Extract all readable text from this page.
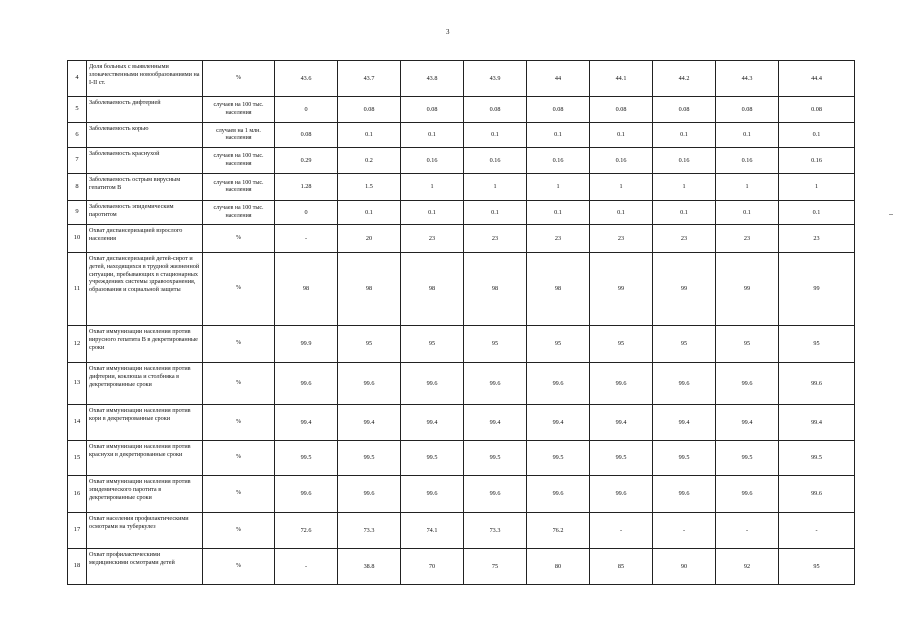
3
4	Доля больных с выявленными злокачественными новообразованиями на I-II ст.	%	43.6	43.7	43.8	43.9	44	44.1	44.2	44.3	44.4
5	Заболеваемость дифтерией	случаев на 100 тыс. населения	0	0.08	0.08	0.08	0.08	0.08	0.08	0.08	0.08
6	Заболеваемость корью	случаев на 1 млн. населения	0.08	0.1	0.1	0.1	0.1	0.1	0.1	0.1	0.1
7	Заболеваемость краснухой	случаев на 100 тыс. населения	0.29	0.2	0.16	0.16	0.16	0.16	0.16	0.16	0.16
8	Заболеваемость острым вирусным гепатитом В	случаев на 100 тыс. населения	1.28	1.5	1	1	1	1	1	1	1
9	Заболеваемость эпидемическим паротитом	случаев на 100 тыс. населения	0	0.1	0.1	0.1	0.1	0.1	0.1	0.1	0.1
10	Охват диспансеризацией взрослого населения	%	-	20	23	23	23	23	23	23	23
11	Охват диспансеризацией детей-сирот и детей, находящихся в трудной жизненной ситуации, пребывающих в стационарных учреждениях системы здравоохранения, образования и социальной защиты	%	98	98	98	98	98	99	99	99	99
12	Охват иммунизации населения против вирусного гепатита В в декретированные сроки	%	99.9	95	95	95	95	95	95	95	95
13	Охват иммунизации населения против дифтерии, коклюша и столбняка в декретированные сроки	%	99.6	99.6	99.6	99.6	99.6	99.6	99.6	99.6	99.6
14	Охват иммунизации населения против кори в декретированные сроки	%	99.4	99.4	99.4	99.4	99.4	99.4	99.4	99.4	99.4
15	Охват иммунизации населения против краснухи в декретированные сроки	%	99.5	99.5	99.5	99.5	99.5	99.5	99.5	99.5	99.5
16	Охват иммунизации населения против эпидемического паротита в декретированные сроки	%	99.6	99.6	99.6	99.6	99.6	99.6	99.6	99.6	99.6
17	Охват населения профилактическими осмотрами на туберкулез	%	72.6	73.3	74.1	73.3	76.2	-	-	-	-
18	Охват профилактическими медицинскими осмотрами детей	%	-	38.8	70	75	80	85	90	92	95
